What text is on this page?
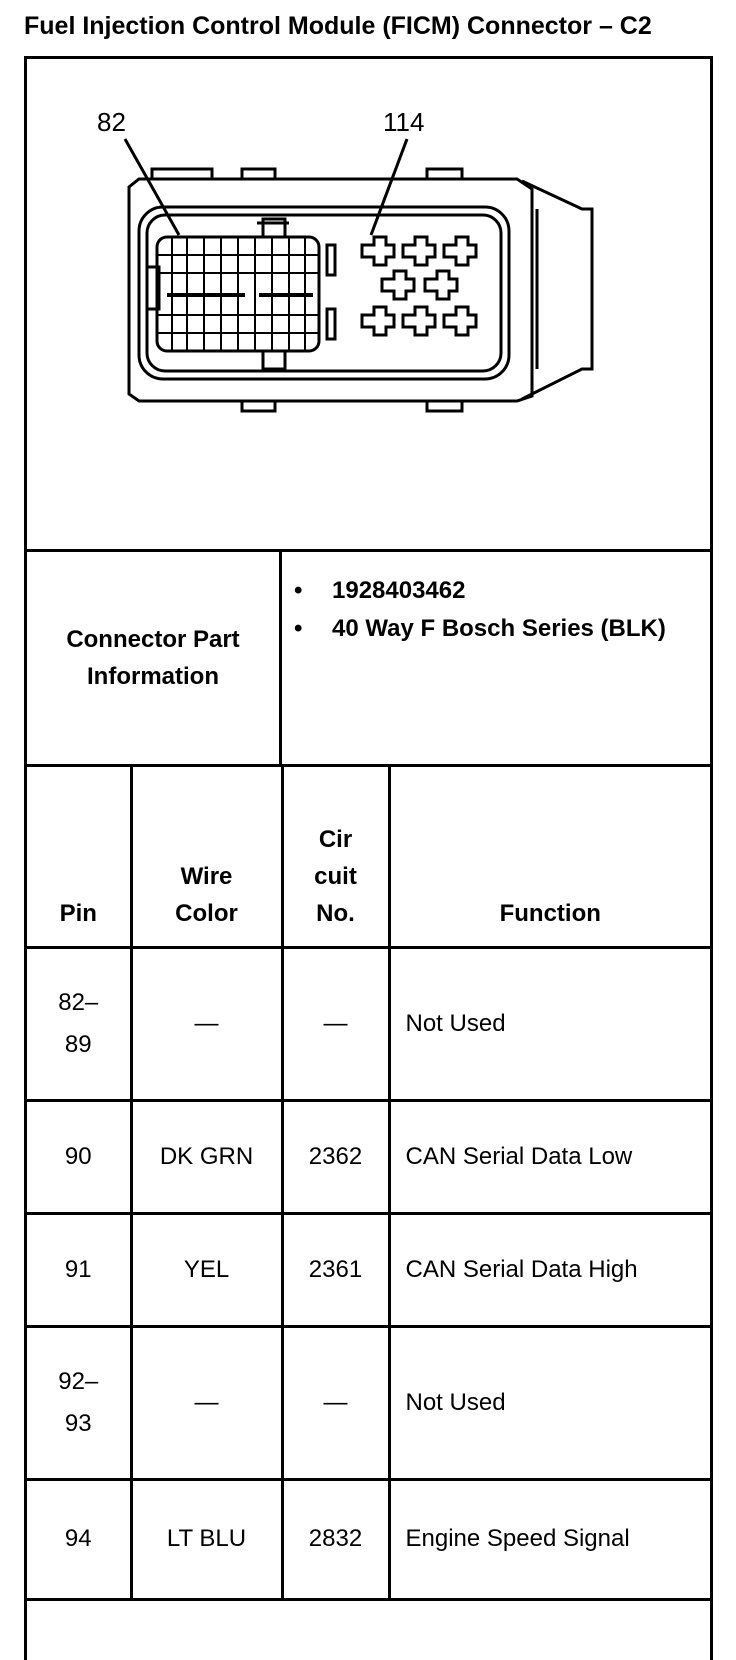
Fuel Injection Control Module (FICM) Connector – C2
82	114
Connector Part Information
• 1928403462
• 40 Way F Bosch Series (BLK)
Pin	Wire Color	Cir cuit No.	Function
82– 89	—	—	Not Used
90	DK GRN	2362	CAN Serial Data Low
91	YEL	2361	CAN Serial Data High
92– 93	—	—	Not Used
94	LT BLU	2832	Engine Speed Signal
